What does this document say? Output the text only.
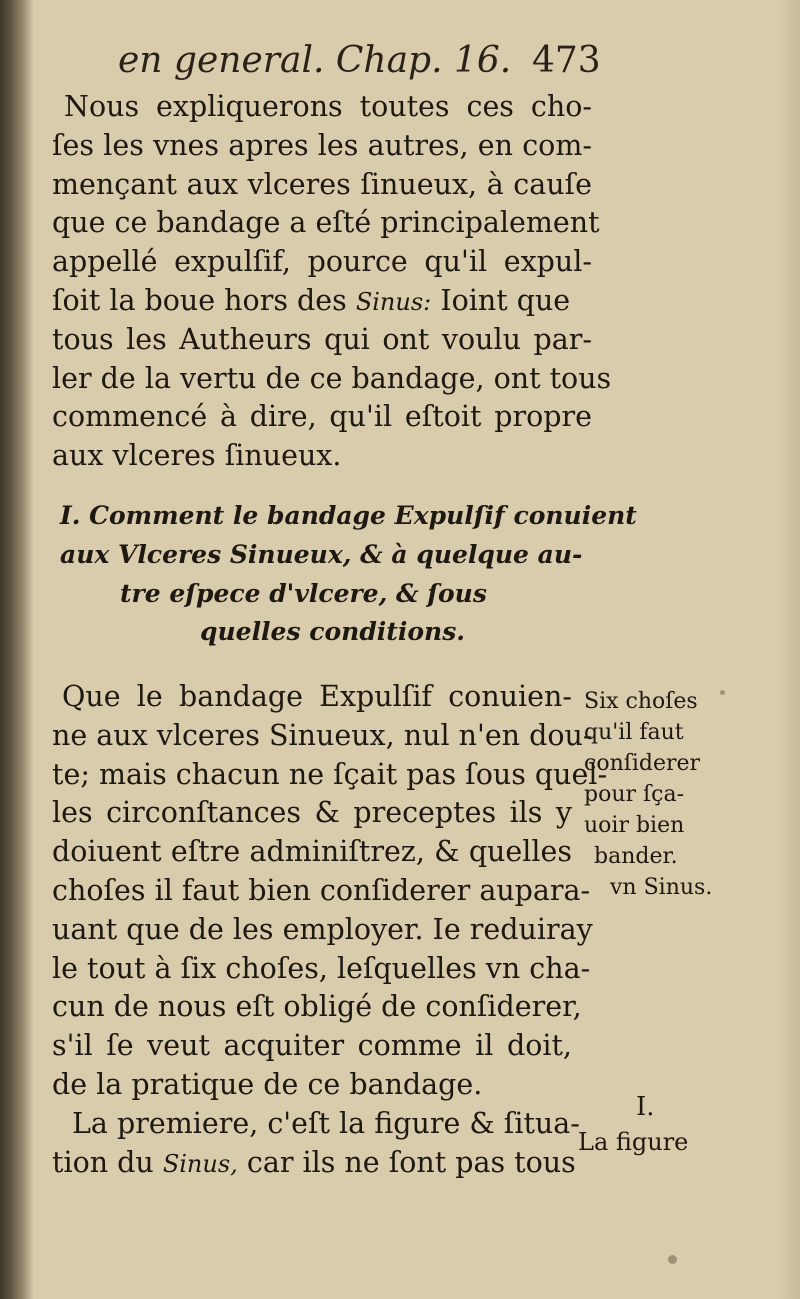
en general. Chap. 16. 473
Nous expliquerons toutes ces cho-
ſes les vnes apres les autres, en com-
mençant aux vlceres ſinueux, à cauſe
que ce bandage a eſté principalement
appellé expulſif, pource qu'il expul-
ſoit la boue hors des Sinus: Ioint que
tous les Autheurs qui ont voulu par-
ler de la vertu de ce bandage, ont tous
commencé à dire, qu'il eſtoit propre
aux vlceres ſinueux.
I. Comment le bandage Expulſif conuient
aux Vlceres Sinueux, & à quelque au-
tre eſpece d'vlcere, & ſous
quelles conditions.
Que le bandage Expulſif conuien-
ne aux vlceres Sinueux, nul n'en dou-
te; mais chacun ne ſçait pas ſous quel-
les circonſtances & preceptes ils y
doiuent eſtre adminiſtrez, & quelles
choſes il faut bien conſiderer aupara-
uant que de les employer. Ie reduiray
le tout à ſix choſes, leſquelles vn cha-
cun de nous eſt obligé de conſiderer,
s'il ſe veut acquiter comme il doit,
de la pratique de ce bandage.
La premiere, c'eſt la figure & ſitua-
tion du Sinus, car ils ne ſont pas tous
Six choſes
qu'il faut
conſiderer
pour ſça-
uoir bien
bander.
vn Sinus.
I.
La figure
